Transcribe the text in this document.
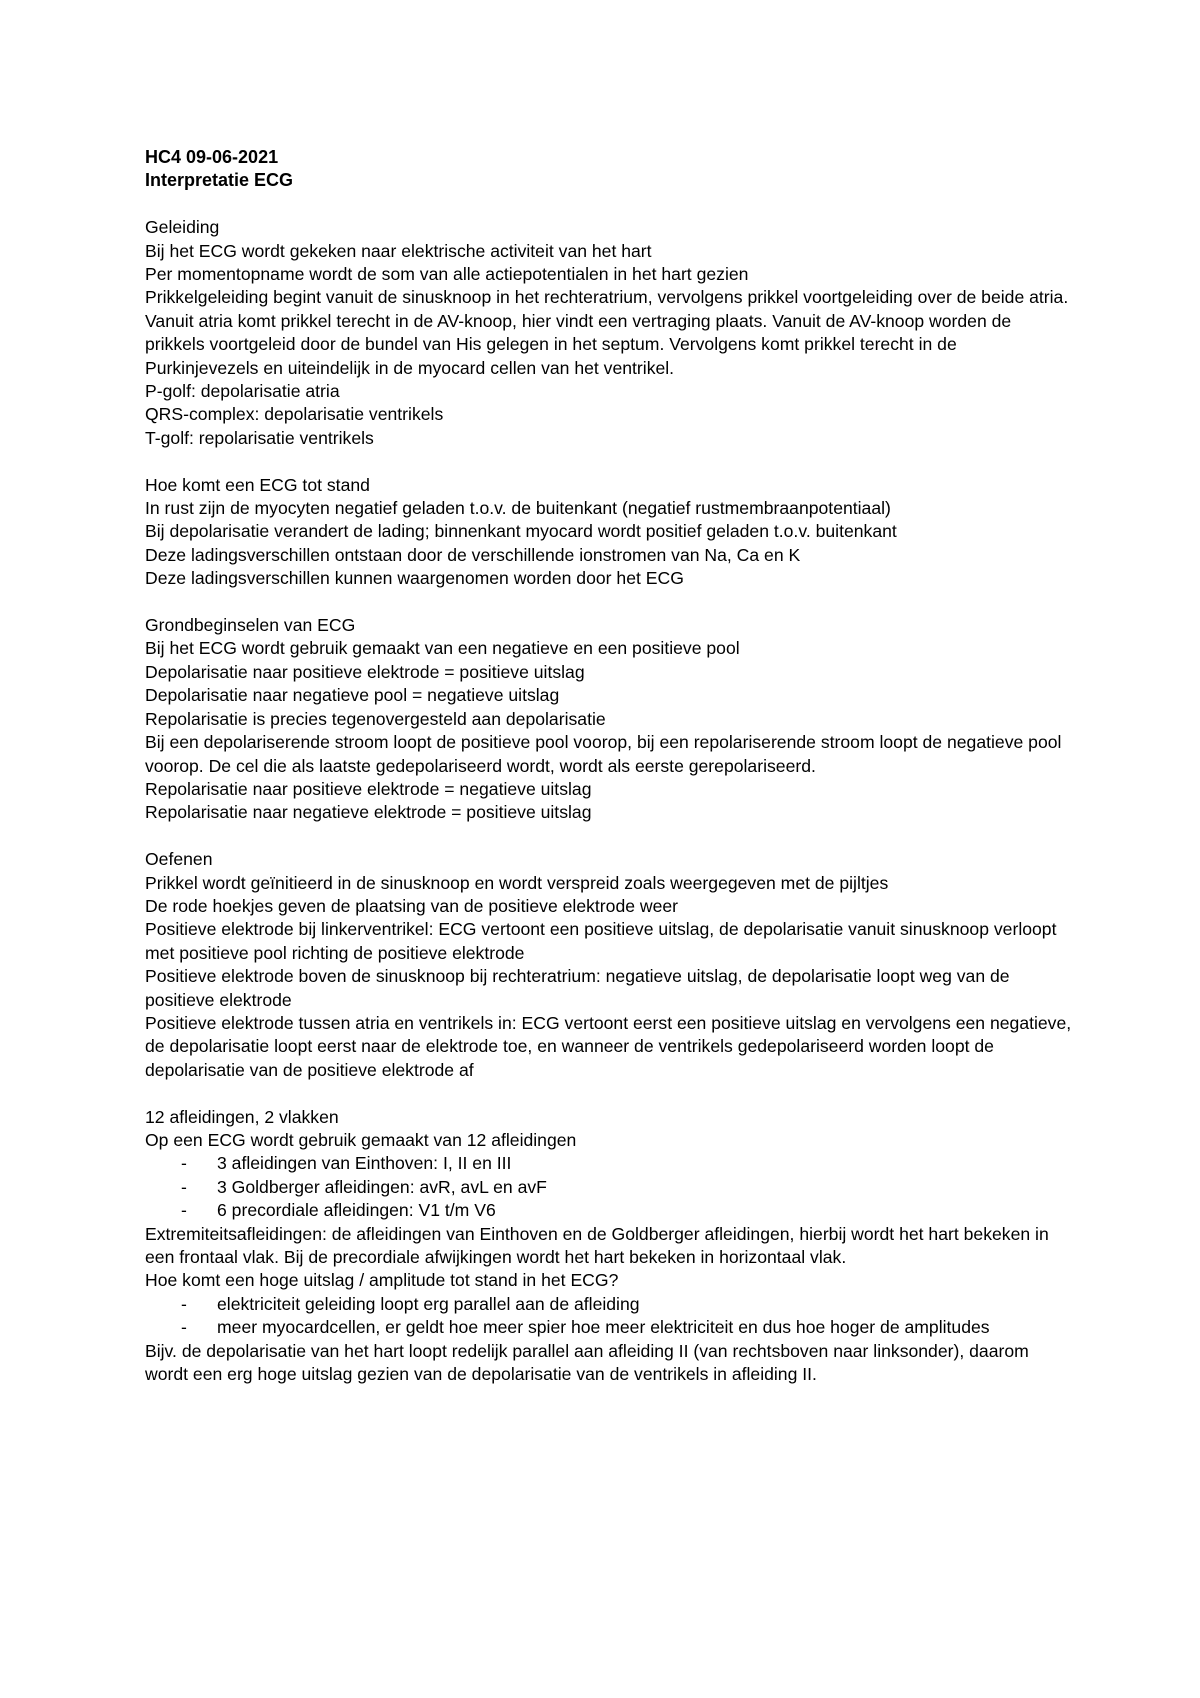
HC4 09-06-2021
Interpretatie ECG
Geleiding
Bij het ECG wordt gekeken naar elektrische activiteit van het hart
Per momentopname wordt de som van alle actiepotentialen in het hart gezien
Prikkelgeleiding begint vanuit de sinusknoop in het rechteratrium, vervolgens prikkel voortgeleiding over de beide atria. Vanuit atria komt prikkel terecht in de AV-knoop, hier vindt een vertraging plaats. Vanuit de AV-knoop worden de prikkels voortgeleid door de bundel van His gelegen in het septum. Vervolgens komt prikkel terecht in de Purkinjevezels en uiteindelijk in de myocard cellen van het ventrikel.
P-golf: depolarisatie atria
QRS-complex: depolarisatie ventrikels
T-golf: repolarisatie ventrikels
Hoe komt een ECG tot stand
In rust zijn de myocyten negatief geladen t.o.v. de buitenkant (negatief rustmembraanpotentiaal)
Bij depolarisatie verandert de lading; binnenkant myocard wordt positief geladen t.o.v. buitenkant
Deze ladingsverschillen ontstaan door de verschillende ionstromen van Na, Ca en K
Deze ladingsverschillen kunnen waargenomen worden door het ECG
Grondbeginselen van ECG
Bij het ECG wordt gebruik gemaakt van een negatieve en een positieve pool
Depolarisatie naar positieve elektrode = positieve uitslag
Depolarisatie naar negatieve pool = negatieve uitslag
Repolarisatie is precies tegenovergesteld aan depolarisatie
Bij een depolariserende stroom loopt de positieve pool voorop, bij een repolariserende stroom loopt de negatieve pool voorop. De cel die als laatste gedepolariseerd wordt, wordt als eerste gerepolariseerd.
Repolarisatie naar positieve elektrode = negatieve uitslag
Repolarisatie naar negatieve elektrode = positieve uitslag
Oefenen
Prikkel wordt geïnitieerd in de sinusknoop en wordt verspreid zoals weergegeven met de pijltjes
De rode hoekjes geven de plaatsing van de positieve elektrode weer
Positieve elektrode bij linkerventrikel: ECG vertoont een positieve uitslag, de depolarisatie vanuit sinusknoop verloopt met positieve pool richting de positieve elektrode
Positieve elektrode boven de sinusknoop bij rechteratrium: negatieve uitslag, de depolarisatie loopt weg van de positieve elektrode
Positieve elektrode tussen atria en ventrikels in: ECG vertoont eerst een positieve uitslag en vervolgens een negatieve, de depolarisatie loopt eerst naar de elektrode toe, en wanneer de ventrikels gedepolariseerd worden loopt de depolarisatie van de positieve elektrode af
12 afleidingen, 2 vlakken
Op een ECG wordt gebruik gemaakt van 12 afleidingen
- 3 afleidingen van Einthoven: I, II en III
- 3 Goldberger afleidingen: avR, avL en avF
- 6 precordiale afleidingen: V1 t/m V6
Extremiteitsafleidingen: de afleidingen van Einthoven en de Goldberger afleidingen, hierbij wordt het hart bekeken in een frontaal vlak. Bij de precordiale afwijkingen wordt het hart bekeken in horizontaal vlak.
Hoe komt een hoge uitslag / amplitude tot stand in het ECG?
- elektriciteit geleiding loopt erg parallel aan de afleiding
- meer myocardcellen, er geldt hoe meer spier hoe meer elektriciteit en dus hoe hoger de amplitudes
Bijv. de depolarisatie van het hart loopt redelijk parallel aan afleiding II (van rechtsboven naar linksonder), daarom wordt een erg hoge uitslag gezien van de depolarisatie van de ventrikels in afleiding II.
